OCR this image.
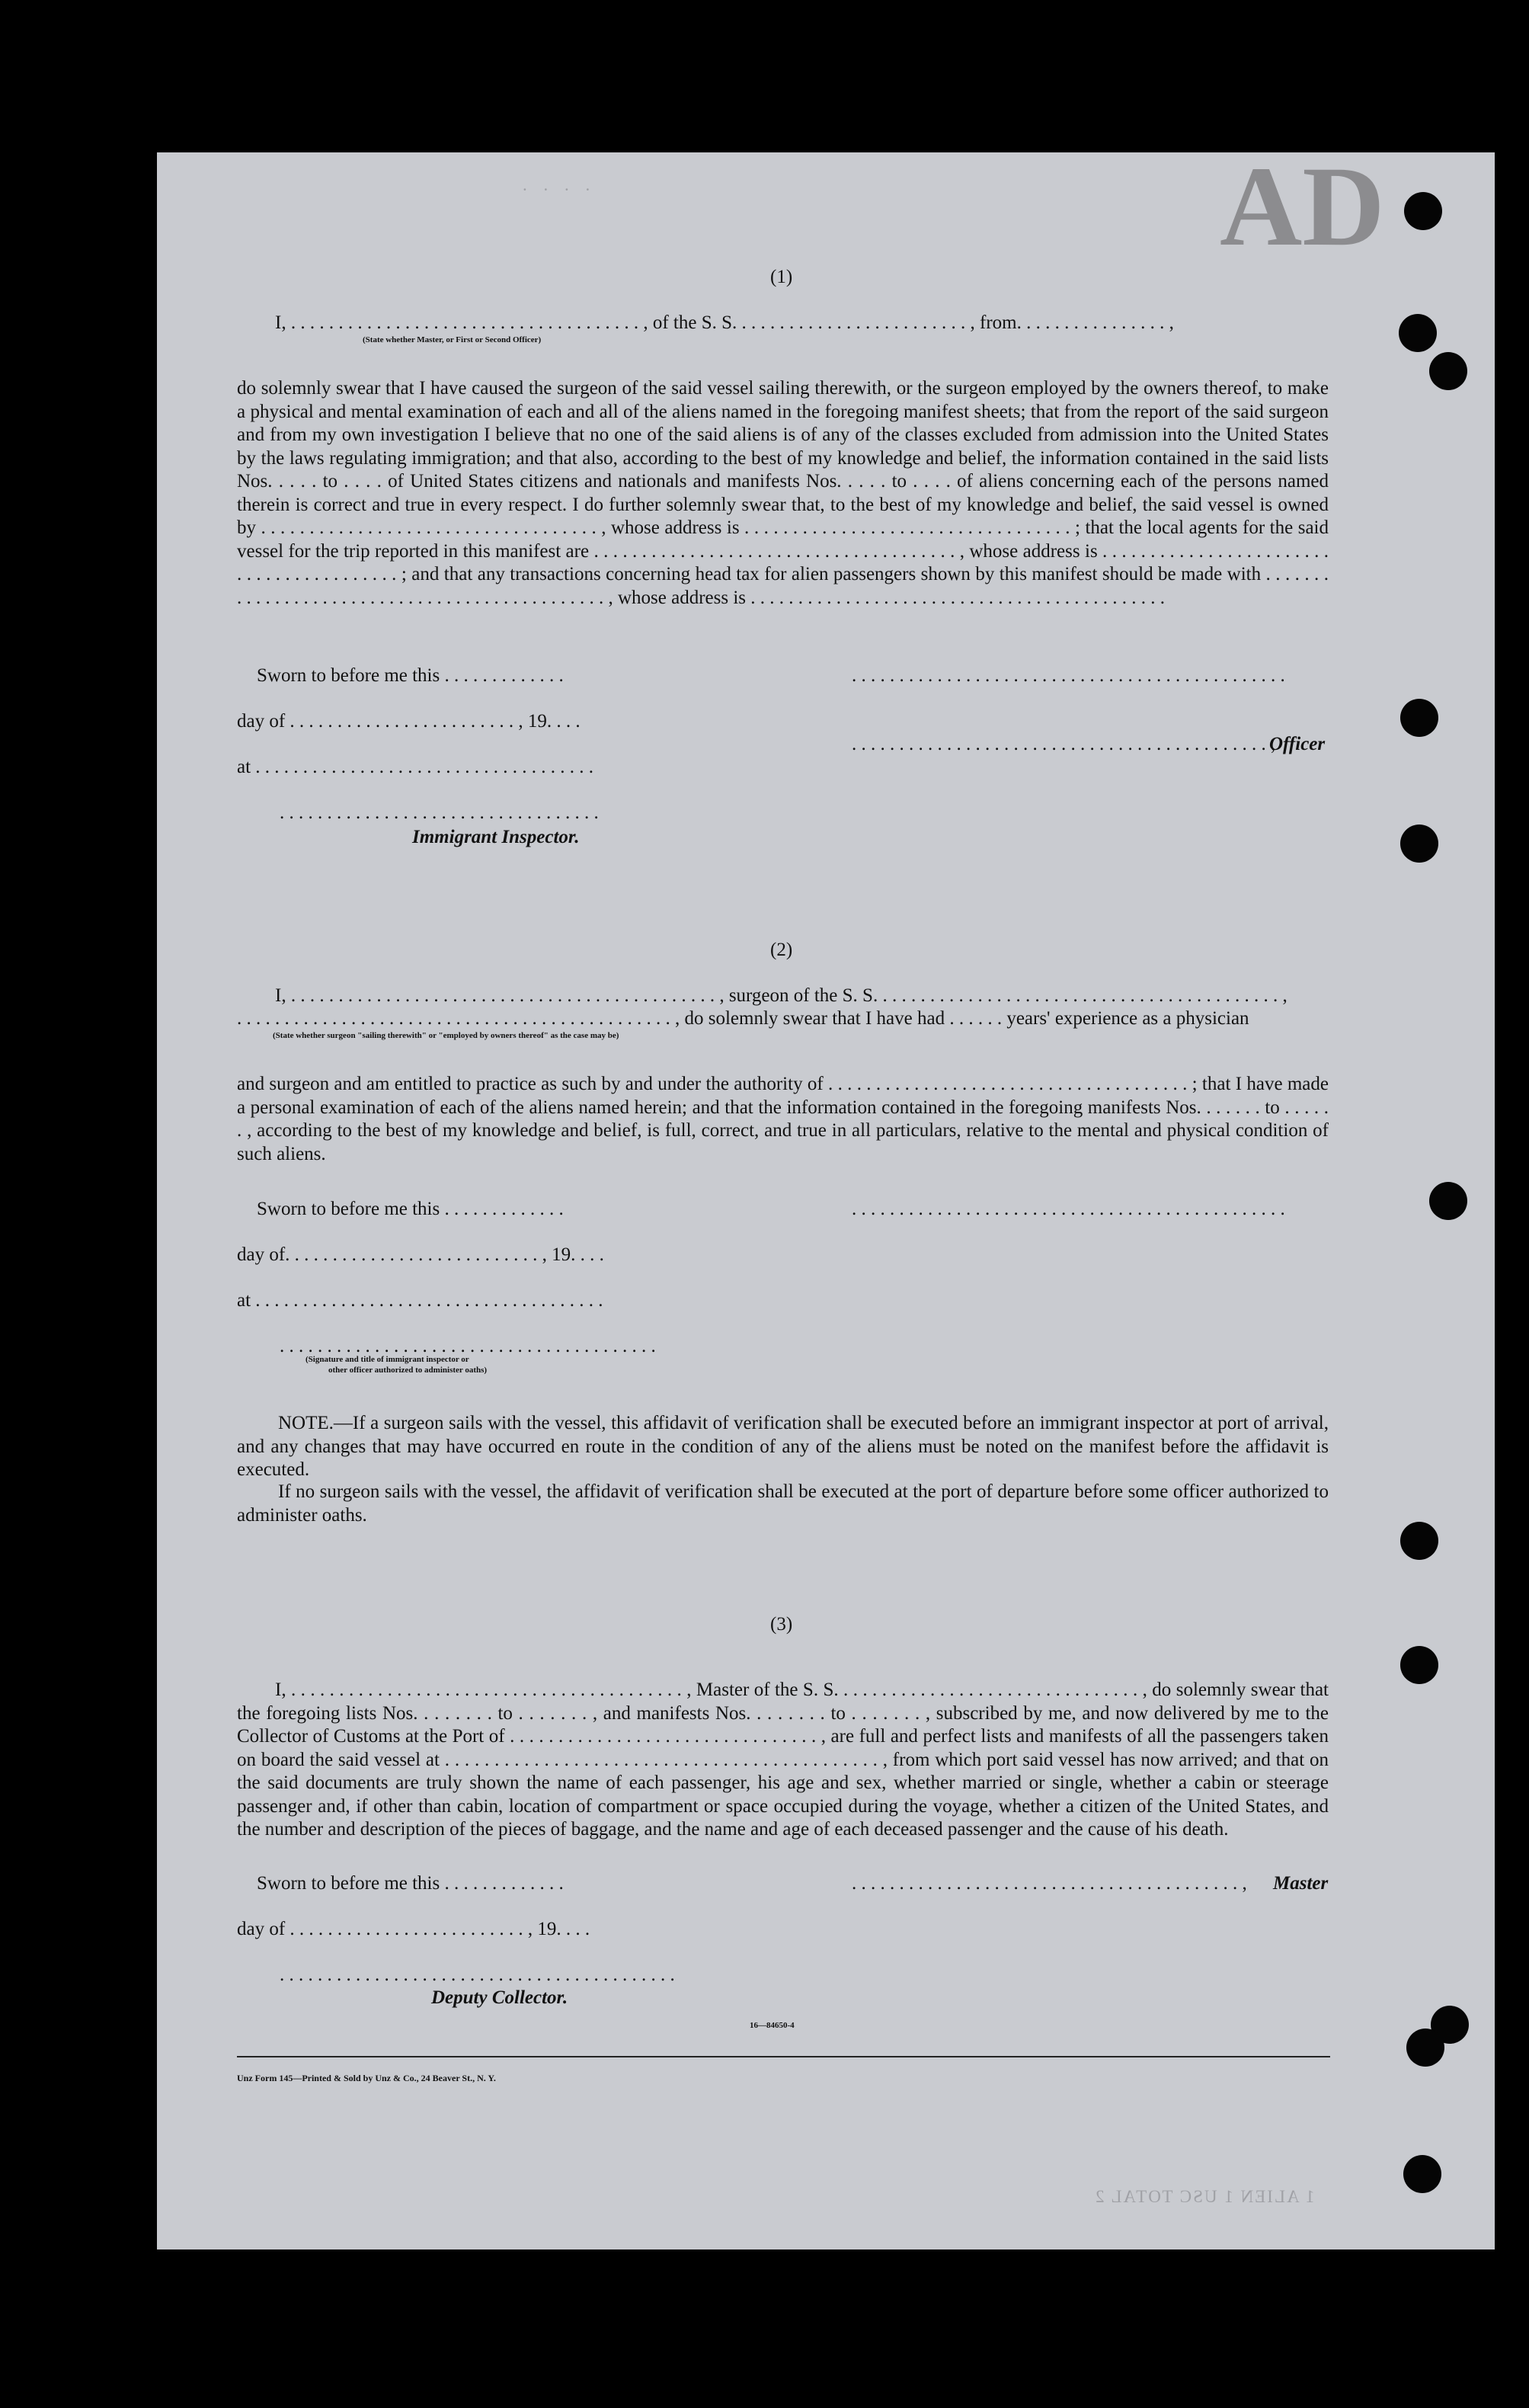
AD
. . . .
(1)
I, . . . . . . . . . . . . . . . . . . . . . . . . . . . . . . . . . . . . . , of the S. S. . . . . . . . . . . . . . . . . . . . . . . . . , from. . . . . . . . . . . . . . . . ,
(State whether Master, or First or Second Officer)

do solemnly swear that I have caused the surgeon of the said vessel sailing therewith, or the surgeon employed by the owners thereof, to make a physical and mental examination of each and all of the aliens named in the foregoing manifest sheets; that from the report of the said surgeon and from my own investigation I believe that no one of the said aliens is of any of the classes excluded from admission into the United States by the laws regulating immigration; and that also, according to the best of my knowledge and belief, the information contained in the said lists Nos. . . . . to . . . . of United States citizens and nationals and manifests Nos. . . . . to . . . . of aliens concerning each of the persons named therein is correct and true in every respect. I do further solemnly swear that, to the best of my knowledge and belief, the said vessel is owned by . . . . . . . . . . . . . . . . . . . . . . . . . . . . . . . . . . . , whose address is . . . . . . . . . . . . . . . . . . . . . . . . . . . . . . . . . . ; that the local agents for the said vessel for the trip reported in this manifest are . . . . . . . . . . . . . . . . . . . . . . . . . . . . . . . . . . . . . . , whose address is . . . . . . . . . . . . . . . . . . . . . . . . . . . . . . . . . . . . . . . . . ; and that any transactions concerning head tax for alien passengers shown by this manifest should be made with . . . . . . . . . . . . . . . . . . . . . . . . . . . . . . . . . . . . . . . . . . . . . . , whose address is . . . . . . . . . . . . . . . . . . . . . . . . . . . . . . . . . . . . . . . . . . . .

Sworn to before me this . . . . . . . . . . . . .
day of . . . . . . . . . . . . . . . . . . . . . . . . , 19. . . .
at . . . . . . . . . . . . . . . . . . . . . . . . . . . . . . . . . . . .
. . . . . . . . . . . . . . . . . . . . . . . . . . . . . . . . . .
Immigrant Inspector.
. . . . . . . . . . . . . . . . . . . . . . . . . . . . . . . . . . . . . . . . . . . . . .
. . . . . . . . . . . . . . . . . . . . . . . . . . . . . . . . . . . . . . . . . . . . ,
Officer
(2)
I, . . . . . . . . . . . . . . . . . . . . . . . . . . . . . . . . . . . . . . . . . . . . . , surgeon of the S. S. . . . . . . . . . . . . . . . . . . . . . . . . . . . . . . . . . . . . . . . . . . ,
. . . . . . . . . . . . . . . . . . . . . . . . . . . . . . . . . . . . . . . . . . . . . . , do solemnly swear that I have had . . . . . . years' experience as a physician
(State whether surgeon "sailing therewith" or "employed by owners thereof" as the case may be)

and surgeon and am entitled to practice as such by and under the authority of . . . . . . . . . . . . . . . . . . . . . . . . . . . . . . . . . . . . . . ; that I have made a personal examination of each of the aliens named herein; and that the information contained in the foregoing manifests Nos. . . . . . . to . . . . . . , according to the best of my knowledge and belief, is full, correct, and true in all particulars, relative to the mental and physical condition of such aliens.

Sworn to before me this . . . . . . . . . . . . .
day of. . . . . . . . . . . . . . . . . . . . . . . . . . . , 19. . . .
at . . . . . . . . . . . . . . . . . . . . . . . . . . . . . . . . . . . . .
. . . . . . . . . . . . . . . . . . . . . . . . . . . . . . . . . . . . . . . .
(Signature and title of immigrant inspector or
other officer authorized to administer oaths)
. . . . . . . . . . . . . . . . . . . . . . . . . . . . . . . . . . . . . . . . . . . . . .

NOTE.—If a surgeon sails with the vessel, this affidavit of verification shall be executed before an immigrant inspector at port of arrival, and any changes that may have occurred en route in the condition of any of the aliens must be noted on the manifest before the affidavit is executed.

If no surgeon sails with the vessel, the affidavit of verification shall be executed at the port of departure before some officer authorized to administer oaths.

(3)

I, . . . . . . . . . . . . . . . . . . . . . . . . . . . . . . . . . . . . . . . . . , Master of the S. S. . . . . . . . . . . . . . . . . . . . . . . . . . . . . . . . , do solemnly swear that the foregoing lists Nos. . . . . . . . to . . . . . . . , and manifests Nos. . . . . . . . to . . . . . . . , subscribed by me, and now delivered by me to the Collector of Customs at the Port of . . . . . . . . . . . . . . . . . . . . . . . . . . . . . . . . , are full and perfect lists and manifests of all the passengers taken on board the said vessel at . . . . . . . . . . . . . . . . . . . . . . . . . . . . . . . . . . . . . . . . . . . . , from which port said vessel has now arrived; and that on the said documents are truly shown the name of each passenger, his age and sex, whether married or single, whether a cabin or steerage passenger and, if other than cabin, location of compartment or space occupied during the voyage, whether a citizen of the United States, and the number and description of the pieces of baggage, and the name and age of each deceased passenger and the cause of his death.

Sworn to before me this . . . . . . . . . . . . .
day of . . . . . . . . . . . . . . . . . . . . . . . . . , 19. . . .
. . . . . . . . . . . . . . . . . . . . . . . . . . . . . . . . . . . . . . . . . .
Deputy Collector.
. . . . . . . . . . . . . . . . . . . . . . . . . . . . . . . . . . . . . . . . . , Master
16—84650-4
Unz Form 145—Printed & Sold by Unz & Co., 24 Beaver St., N. Y.
1 ALIEN 1 USC TOTAL 2
